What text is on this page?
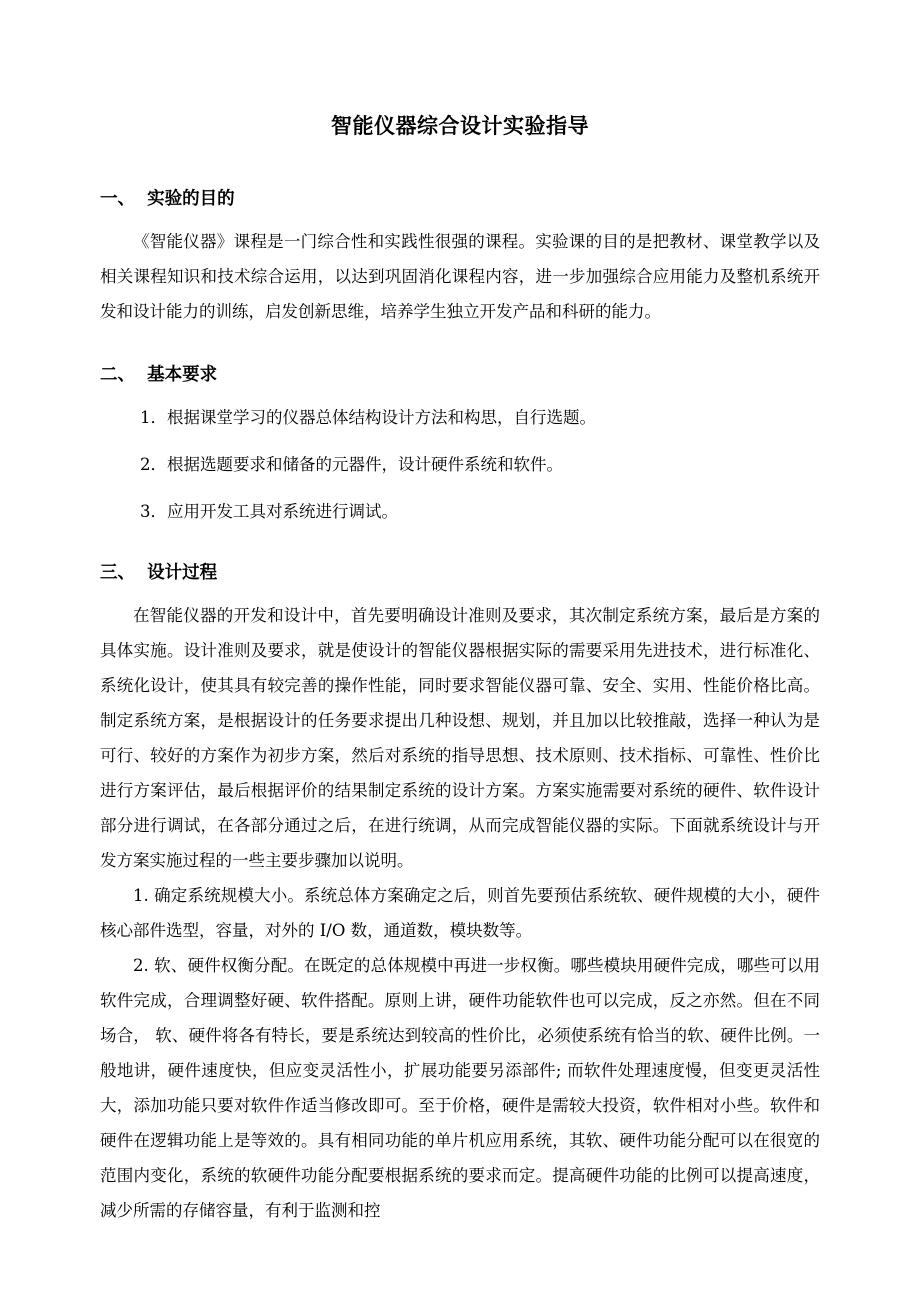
智能仪器综合设计实验指导
一、  实验的目的

《智能仪器》课程是一门综合性和实践性很强的课程。实验课的目的是把教材、课堂教学以及相关课程知识和技术综合运用，以达到巩固消化课程内容，进一步加强综合应用能力及整机系统开发和设计能力的训练，启发创新思维，培养学生独立开发产品和科研的能力。

二、  基本要求

1．根据课堂学习的仪器总体结构设计方法和构思，自行选题。

2．根据选题要求和储备的元器件，设计硬件系统和软件。

3．应用开发工具对系统进行调试。

三、  设计过程

在智能仪器的开发和设计中，首先要明确设计准则及要求，其次制定系统方案，最后是方案的具体实施。设计准则及要求，就是使设计的智能仪器根据实际的需要采用先进技术，进行标准化、系统化设计，使其具有较完善的操作性能，同时要求智能仪器可靠、安全、实用、性能价格比高。制定系统方案，是根据设计的任务要求提出几种设想、规划，并且加以比较推敲，选择一种认为是可行、较好的方案作为初步方案，然后对系统的指导思想、技术原则、技术指标、可靠性、性价比进行方案评估，最后根据评价的结果制定系统的设计方案。方案实施需要对系统的硬件、软件设计部分进行调试，在各部分通过之后，在进行统调，从而完成智能仪器的实际。下面就系统设计与开发方案实施过程的一些主要步骤加以说明。

1. 确定系统规模大小。系统总体方案确定之后，则首先要预估系统软、硬件规模的大小，硬件核心部件选型，容量，对外的 I/O 数，通道数，模块数等。

2. 软、硬件权衡分配。在既定的总体规模中再进一步权衡。哪些模块用硬件完成，哪些可以用软件完成，合理调整好硬、软件搭配。原则上讲，硬件功能软件也可以完成，反之亦然。但在不同场合， 软、硬件将各有特长，要是系统达到较高的性价比，必须使系统有恰当的软、硬件比例。一般地讲，硬件速度快，但应变灵活性小，扩展功能要另添部件; 而软件处理速度慢，但变更灵活性大，添加功能只要对软件作适当修改即可。至于价格，硬件是需较大投资，软件相对小些。软件和硬件在逻辑功能上是等效的。具有相同功能的单片机应用系统，其软、硬件功能分配可以在很宽的范围内变化，系统的软硬件功能分配要根据系统的要求而定。提高硬件功能的比例可以提高速度，减少所需的存储容量，有利于监测和控
